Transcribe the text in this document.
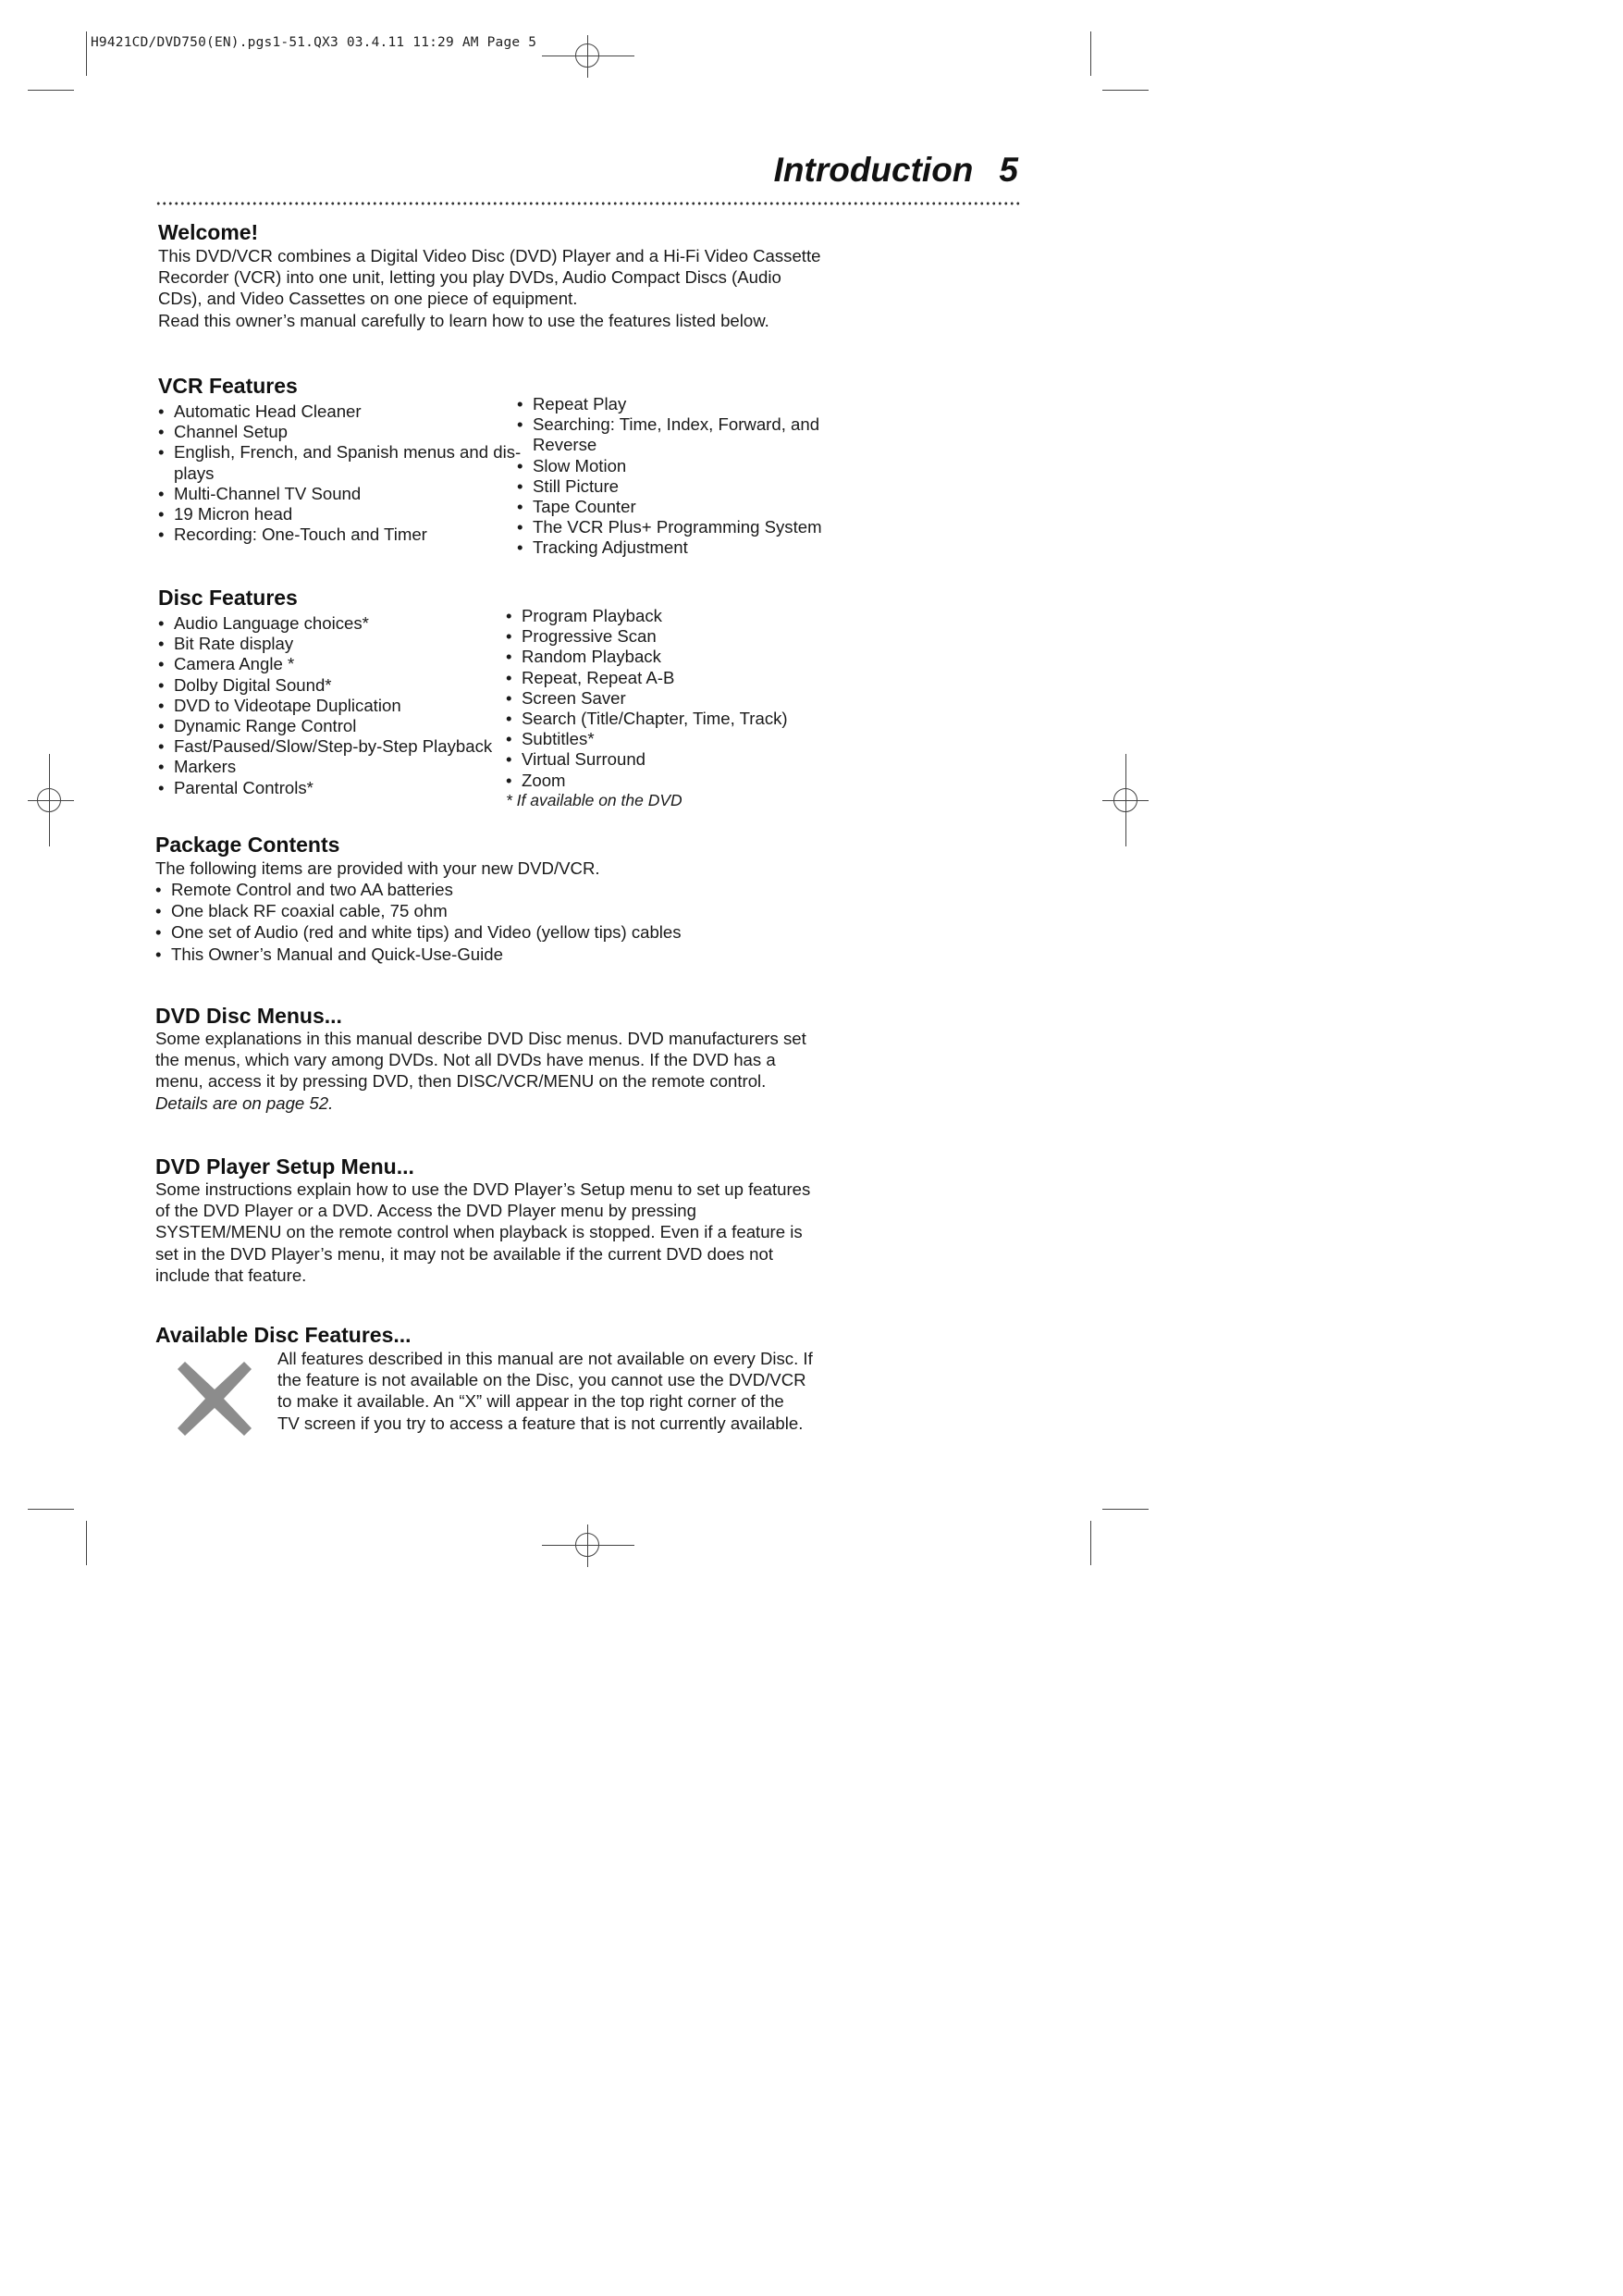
H9421CD/DVD750(EN).pgs1-51.QX3 03.4.11 11:29 AM Page 5
Introduction 5
Welcome!
This DVD/VCR combines a Digital Video Disc (DVD) Player and a Hi-Fi Video Cassette
Recorder (VCR) into one unit, letting you play DVDs, Audio Compact Discs (Audio
CDs), and Video Cassettes on one piece of equipment.
Read this owner’s manual carefully to learn how to use the features listed below.
VCR Features
• Automatic Head Cleaner
• Channel Setup
• English, French, and Spanish menus and dis-
plays
• Multi-Channel TV Sound
• 19 Micron head
• Recording: One-Touch and Timer
• Repeat Play
• Searching: Time, Index, Forward, and
Reverse
• Slow Motion
• Still Picture
• Tape Counter
• The VCR Plus+ Programming System
• Tracking Adjustment
Disc Features
• Audio Language choices*
• Bit Rate display
• Camera Angle *
• Dolby Digital Sound*
• DVD to Videotape Duplication
• Dynamic Range Control
• Fast/Paused/Slow/Step-by-Step Playback
• Markers
• Parental Controls*
• Program Playback
• Progressive Scan
• Random Playback
• Repeat, Repeat A-B
• Screen Saver
• Search (Title/Chapter, Time, Track)
• Subtitles*
• Virtual Surround
• Zoom
* If available on the DVD
Package Contents
The following items are provided with your new DVD/VCR.
• Remote Control and two AA batteries
• One black RF coaxial cable, 75 ohm
• One set of Audio (red and white tips) and Video (yellow tips) cables
• This Owner’s Manual and Quick-Use-Guide
DVD Disc Menus...
Some explanations in this manual describe DVD Disc menus. DVD manufacturers set
the menus, which vary among DVDs. Not all DVDs have menus. If the DVD has a
menu, access it by pressing DVD, then DISC/VCR/MENU on the remote control.
Details are on page 52.
DVD Player Setup Menu...
Some instructions explain how to use the DVD Player’s Setup menu to set up features
of the DVD Player or a DVD. Access the DVD Player menu by pressing
SYSTEM/MENU on the remote control when playback is stopped. Even if a feature is
set in the DVD Player’s menu, it may not be available if the current DVD does not
include that feature.
Available Disc Features...
All features described in this manual are not available on every Disc. If
the feature is not available on the Disc, you cannot use the DVD/VCR
to make it available. An “X” will appear in the top right corner of the
TV screen if you try to access a feature that is not currently available.
